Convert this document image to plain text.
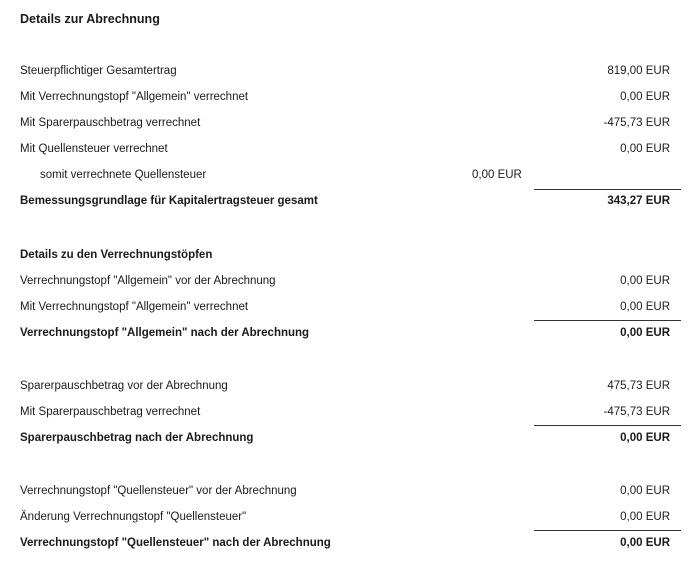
Details zur Abrechnung
Steuerpflichtiger Gesamtertrag	819,00 EUR
Mit Verrechnungstopf "Allgemein" verrechnet	0,00 EUR
Mit Sparerpauschbetrag verrechnet	-475,73 EUR
Mit Quellensteuer verrechnet	0,00 EUR
somit verrechnete Quellensteuer	0,00 EUR
Bemessungsgrundlage für Kapitalertragsteuer gesamt	343,27 EUR
Details zu den Verrechnungstöpfen
Verrechnungstopf "Allgemein" vor der Abrechnung	0,00 EUR
Mit Verrechnungstopf "Allgemein" verrechnet	0,00 EUR
Verrechnungstopf "Allgemein" nach der Abrechnung	0,00 EUR
Sparerpauschbetrag vor der Abrechnung	475,73 EUR
Mit Sparerpauschbetrag verrechnet	-475,73 EUR
Sparerpauschbetrag nach der Abrechnung	0,00 EUR
Verrechnungstopf "Quellensteuer" vor der Abrechnung	0,00 EUR
Änderung Verrechnungstopf "Quellensteuer"	0,00 EUR
Verrechnungstopf "Quellensteuer" nach der Abrechnung	0,00 EUR
